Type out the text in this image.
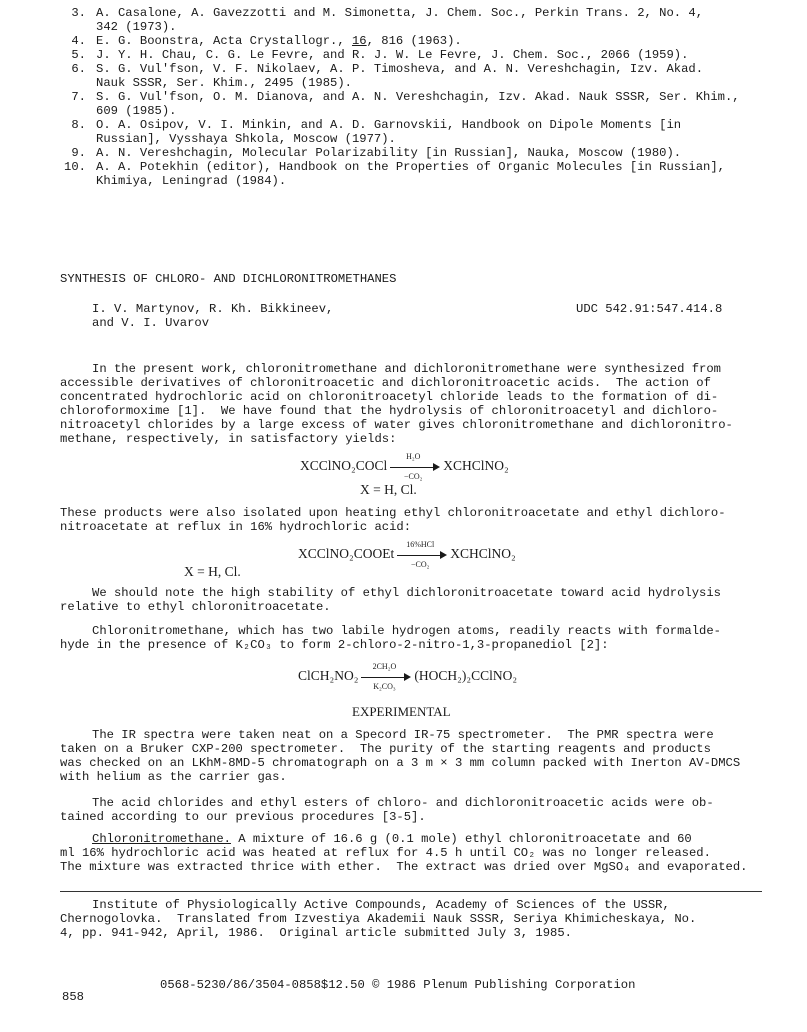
3. A. Casalone, A. Gavezzotti and M. Simonetta, J. Chem. Soc., Perkin Trans. 2, No. 4,
342 (1973).
4. E. G. Boonstra, Acta Crystallogr., 16, 816 (1963).
5. J. Y. H. Chau, C. G. Le Fevre, and R. J. W. Le Fevre, J. Chem. Soc., 2066 (1959).
6. S. G. Vul'fson, V. F. Nikolaev, A. P. Timosheva, and A. N. Vereshchagin, Izv. Akad.
Nauk SSSR, Ser. Khim., 2495 (1985).
7. S. G. Vul'fson, O. M. Dianova, and A. N. Vereshchagin, Izv. Akad. Nauk SSSR, Ser. Khim.,
609 (1985).
8. O. A. Osipov, V. I. Minkin, and A. D. Garnovskii, Handbook on Dipole Moments [in
Russian], Vysshaya Shkola, Moscow (1977).
9. A. N. Vereshchagin, Molecular Polarizability [in Russian], Nauka, Moscow (1980).
10. A. A. Potekhin (editor), Handbook on the Properties of Organic Molecules [in Russian],
Khimiya, Leningrad (1984).
SYNTHESIS OF CHLORO- AND DICHLORONITROMETHANES
I. V. Martynov, R. Kh. Bikkineev,
and V. I. Uvarov
UDC 542.91:547.414.8
In the present work, chloronitromethane and dichloronitromethane were synthesized from
accessible derivatives of chloronitroacetic and dichloronitroacetic acids.  The action of
concentrated hydrochloric acid on chloronitroacetyl chloride leads to the formation of di-
chloroformoxime [1].  We have found that the hydrolysis of chloronitroacetyl and dichloro-
nitroacetyl chlorides by a large excess of water gives chloronitromethane and dichloronitro-
methane, respectively, in satisfactory yields:
XCClNO₂COCl $\frac{\text{H₂O}}{\text{−CO₂}}$ XCHClNO₂
X = H, Cl.
These products were also isolated upon heating ethyl chloronitroacetate and ethyl dichloro-
nitroacetate at reflux in 16% hydrochloric acid:
XCClNO₂COOEt
16%HCl
−CO₂
XCHClNO₂
X = H, Cl.
We should note the high stability of ethyl dichloronitroacetate toward acid hydrolysis
relative to ethyl chloronitroacetate.
Chloronitromethane, which has two labile hydrogen atoms, readily reacts with formalde-
hyde in the presence of K₂CO₃ to form 2-chloro-2-nitro-1,3-propanediol [2]:
ClCH₂NO₂ $\frac{\text{2CH₂O}}{\text{K₂CO₃}}$ (HOCH₂)₂CClNO₂
EXPERIMENTAL
The IR spectra were taken neat on a Specord IR-75 spectrometer.  The PMR spectra were
taken on a Bruker CXP-200 spectrometer.  The purity of the starting reagents and products
was checked on an LKhM-8MD-5 chromatograph on a 3 m × 3 mm column packed with Inerton AV-DMCS
with helium as the carrier gas.
The acid chlorides and ethyl esters of chloro- and dichloronitroacetic acids were ob-
tained according to our previous procedures [3-5].
Chloronitromethane. A mixture of 16.6 g (0.1 mole) ethyl chloronitroacetate and 60
ml 16% hydrochloric acid was heated at reflux for 4.5 h until CO₂ was no longer released.
The mixture was extracted thrice with ether.  The extract was dried over MgSO₄ and evaporated.
Institute of Physiologically Active Compounds, Academy of Sciences of the USSR,
Chernogolovka.  Translated from Izvestiya Akademii Nauk SSSR, Seriya Khimicheskaya, No.
4, pp. 941-942, April, 1986.  Original article submitted July 3, 1985.
858
0568-5230/86/3504-0858$12.50 © 1986 Plenum Publishing Corporation
